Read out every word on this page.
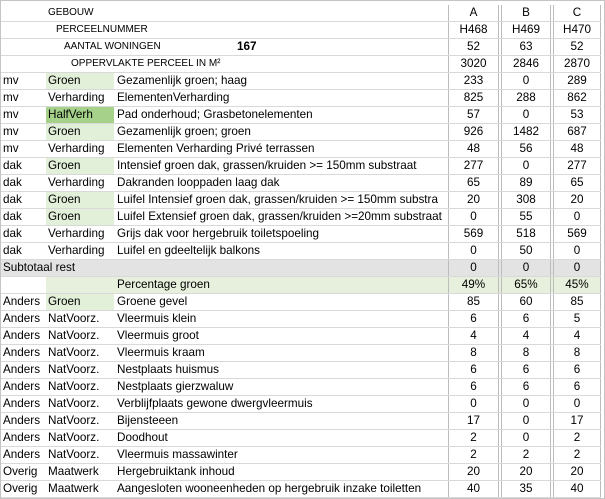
GEBOUW	A	B	C
PERCEELNUMMER	H468	H469	H470
AANTAL WONINGEN	167	52	63	52
OPPERVLAKTE PERCEEL IN M²	3020	2846	2870
mv	Groen	Gezamenlijk groen; haag	233	0	289
mv	Verharding	ElementenVerharding	825	288	862
mv	HalfVerh	Pad onderhoud; Grasbetonelementen	57	0	53
mv	Groen	Gezamenlijk groen; groen	926	1482	687
mv	Verharding	Elementen Verharding Privé terrassen	48	56	48
dak	Groen	Intensief groen dak, grassen/kruiden >= 150mm substraat	277	0	277
dak	Verharding	Dakranden looppaden laag dak	65	89	65
dak	Groen	Luifel Intensief groen dak, grassen/kruiden >= 150mm substra	20	308	20
dak	Groen	Luifel Extensief groen dak, grassen/kruiden >=20mm substraat	0	55	0
dak	Verharding	Grijs dak voor hergebruik toiletspoeling	569	518	569
dak	Verharding	Luifel en gdeeltelijk balkons	0	50	0
Subtotaal rest	0	0	0
Percentage groen	49%	65%	45%
Anders Groen	Groene gevel	85	60	85
Anders NatVoorz.	Vleermuis klein	6	6	5
Anders NatVoorz.	Vleermuis groot	4	4	4
Anders NatVoorz.	Vleermuis kraam	8	8	8
Anders NatVoorz.	Nestplaats huismus	6	6	6
Anders NatVoorz.	Nestplaats gierzwaluw	6	6	6
Anders NatVoorz.	Verblijfplaats gewone dwergvleermuis	0	0	0
Anders NatVoorz.	Bijensteeen	17	0	17
Anders NatVoorz.	Doodhout	2	0	2
Anders NatVoorz.	Vleermuis massawinter	2	2	2
Overig Maatwerk	Hergebruiktank inhoud	20	20	20
Overig Maatwerk	Aangesloten wooneenheden op hergebruik inzake toiletten	40	35	40
